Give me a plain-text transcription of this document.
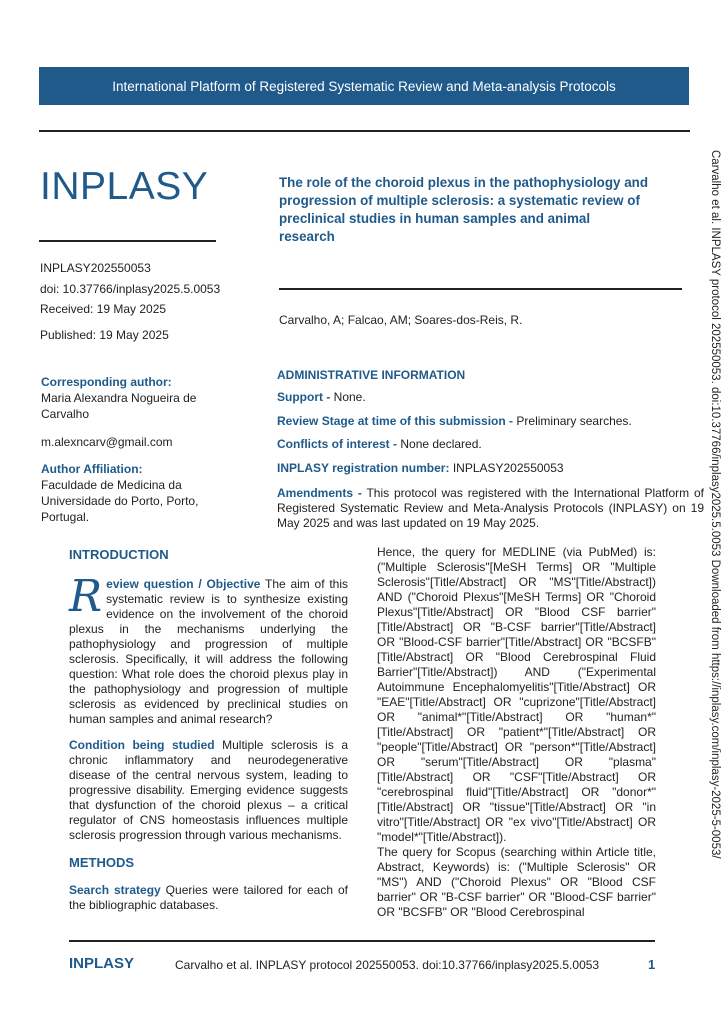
International Platform of Registered Systematic Review and Meta-analysis Protocols
Carvalho et al. INPLASY protocol 202550053. doi:10.37766/inplasy2025.5.0053 Downloaded from https://inplasy.com/inplasy-2025-5-0053/
INPLASY
INPLASY202550053
doi: 10.37766/inplasy2025.5.0053
Received: 19 May 2025
Published: 19 May 2025
The role of the choroid plexus in the pathophysiology and progression of multiple sclerosis: a systematic review of preclinical studies in human samples and animal research
Carvalho, A; Falcao, AM; Soares-dos-Reis, R.
Corresponding author:
Maria Alexandra Nogueira de Carvalho
m.alexncarv@gmail.com
Author Affiliation:
Faculdade de Medicina da Universidade do Porto, Porto, Portugal.
ADMINISTRATIVE INFORMATION
Support - None.
Review Stage at time of this submission - Preliminary searches.
Conflicts of interest - None declared.
INPLASY registration number: INPLASY202550053
Amendments - This protocol was registered with the International Platform of Registered Systematic Review and Meta-Analysis Protocols (INPLASY) on 19 May 2025 and was last updated on 19 May 2025.
INTRODUCTION
Review question / Objective The aim of this systematic review is to synthesize existing evidence on the involvement of the choroid plexus in the mechanisms underlying the pathophysiology and progression of multiple sclerosis. Specifically, it will address the following question: What role does the choroid plexus play in the pathophysiology and progression of multiple sclerosis as evidenced by preclinical studies on human samples and animal research?
Condition being studied Multiple sclerosis is a chronic inflammatory and neurodegenerative disease of the central nervous system, leading to progressive disability. Emerging evidence suggests that dysfunction of the choroid plexus – a critical regulator of CNS homeostasis influences multiple sclerosis progression through various mechanisms.
METHODS
Search strategy Queries were tailored for each of the bibliographic databases.
Hence, the query for MEDLINE (via PubMed) is: ("Multiple Sclerosis"[MeSH Terms] OR "Multiple Sclerosis"[Title/Abstract] OR "MS"[Title/Abstract]) AND ("Choroid Plexus"[MeSH Terms] OR "Choroid Plexus"[Title/Abstract] OR "Blood CSF barrier"[Title/Abstract] OR "B-CSF barrier"[Title/Abstract] OR "Blood-CSF barrier"[Title/Abstract] OR "BCSFB"[Title/Abstract] OR "Blood Cerebrospinal Fluid Barrier"[Title/Abstract]) AND ("Experimental Autoimmune Encephalomyelitis"[Title/Abstract] OR "EAE"[Title/Abstract] OR "cuprizone"[Title/Abstract] OR "animal*"[Title/Abstract] OR "human*"[Title/Abstract] OR "patient*"[Title/Abstract] OR "people"[Title/Abstract] OR "person*"[Title/Abstract] OR "serum"[Title/Abstract] OR "plasma"[Title/Abstract] OR "CSF"[Title/Abstract] OR "cerebrospinal fluid"[Title/Abstract] OR "donor*"[Title/Abstract] OR "tissue"[Title/Abstract] OR "in vitro"[Title/Abstract] OR "ex vivo"[Title/Abstract] OR "model*"[Title/Abstract]).
The query for Scopus (searching within Article title, Abstract, Keywords) is: ("Multiple Sclerosis" OR "MS") AND ("Choroid Plexus" OR "Blood CSF barrier" OR "B-CSF barrier" OR "Blood-CSF barrier" OR "BCSFB" OR "Blood Cerebrospinal
INPLASY	Carvalho et al. INPLASY protocol 202550053. doi:10.37766/inplasy2025.5.0053	1
